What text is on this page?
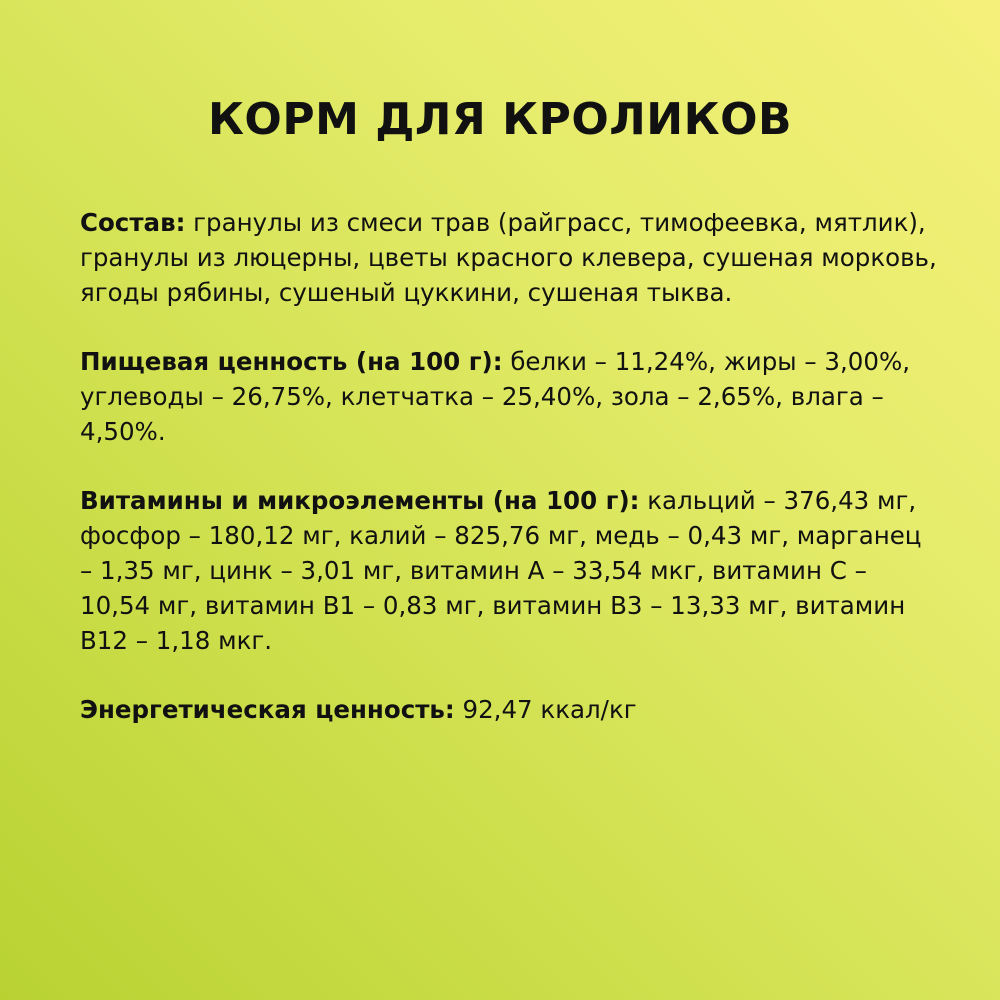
КОРМ ДЛЯ КРОЛИКОВ

Состав: гранулы из смеси трав (райграсс, тимофеевка, мятлик), гранулы из люцерны, цветы красного клевера, сушеная морковь, ягоды рябины, сушеный цуккини, сушеная тыква.

Пищевая ценность (на 100 г): белки – 11,24%, жиры – 3,00%, углеводы – 26,75%, клетчатка – 25,40%, зола – 2,65%, влага – 4,50%.

Витамины и микроэлементы (на 100 г): кальций – 376,43 мг, фосфор – 180,12 мг, калий – 825,76 мг, медь – 0,43 мг, марганец – 1,35 мг, цинк – 3,01 мг, витамин А – 33,54 мкг, витамин С – 10,54 мг, витамин В1 – 0,83 мг, витамин В3 – 13,33 мг, витамин В12 – 1,18 мкг.

Энергетическая ценность: 92,47 ккал/кг
